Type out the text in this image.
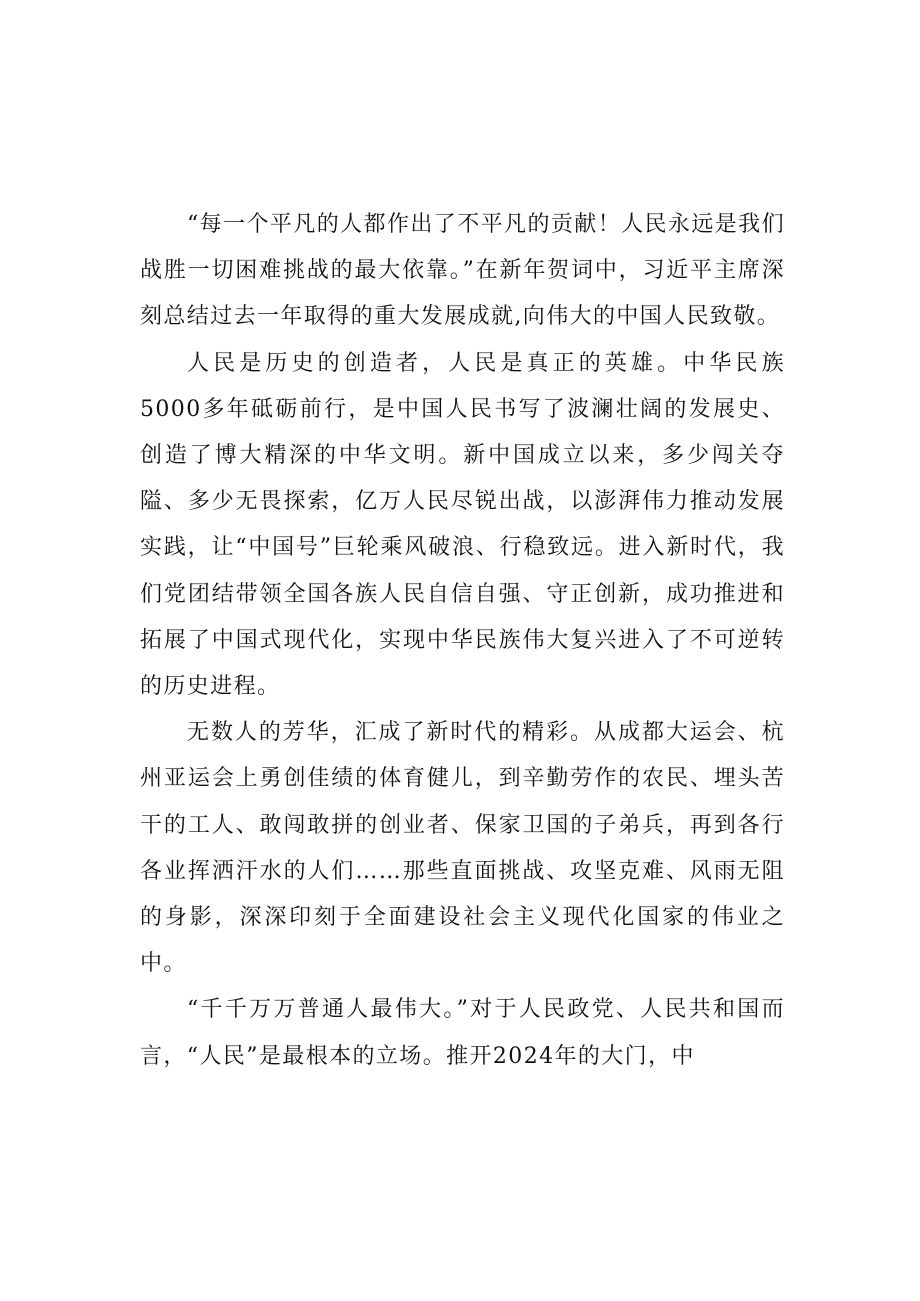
“每一个平凡的人都作出了不平凡的贡献！人民永远是我们战胜一切困难挑战的最大依靠。”在新年贺词中，习近平主席深刻总结过去一年取得的重大发展成就,向伟大的中国人民致敬。

人民是历史的创造者，人民是真正的英雄。中华民族5000多年砥砺前行，是中国人民书写了波澜壮阔的发展史、创造了博大精深的中华文明。新中国成立以来，多少闯关夺隘、多少无畏探索，亿万人民尽锐出战，以澎湃伟力推动发展实践，让“中国号”巨轮乘风破浪、行稳致远。进入新时代，我们党团结带领全国各族人民自信自强、守正创新，成功推进和拓展了中国式现代化，实现中华民族伟大复兴进入了不可逆转的历史进程。

无数人的芳华，汇成了新时代的精彩。从成都大运会、杭州亚运会上勇创佳绩的体育健儿，到辛勤劳作的农民、埋头苦干的工人、敢闯敢拼的创业者、保家卫国的子弟兵，再到各行各业挥洒汗水的人们……那些直面挑战、攻坚克难、风雨无阻的身影，深深印刻于全面建设社会主义现代化国家的伟业之中。

“千千万万普通人最伟大。”对于人民政党、人民共和国而言，“人民”是最根本的立场。推开2024年的大门，中
